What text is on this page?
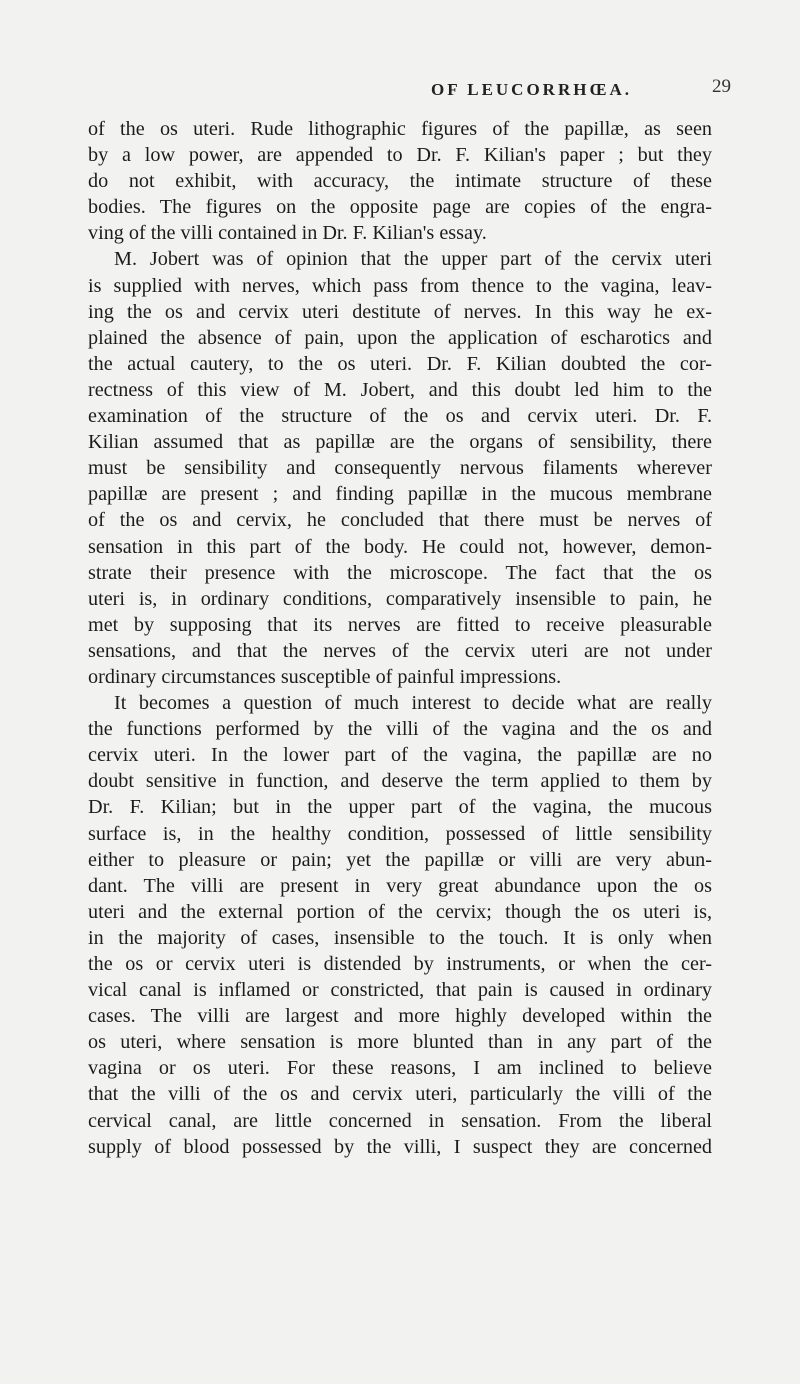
OF LEUCORRHŒA.	29
of the os uteri. Rude lithographic figures of the papillæ, as seen
by a low power, are appended to Dr. F. Kilian's paper ; but they
do not exhibit, with accuracy, the intimate structure of these
bodies. The figures on the opposite page are copies of the engra-
ving of the villi contained in Dr. F. Kilian's essay.
M. Jobert was of opinion that the upper part of the cervix uteri
is supplied with nerves, which pass from thence to the vagina, leav-
ing the os and cervix uteri destitute of nerves. In this way he ex-
plained the absence of pain, upon the application of escharotics and
the actual cautery, to the os uteri. Dr. F. Kilian doubted the cor-
rectness of this view of M. Jobert, and this doubt led him to the
examination of the structure of the os and cervix uteri. Dr. F.
Kilian assumed that as papillæ are the organs of sensibility, there
must be sensibility and consequently nervous filaments wherever
papillæ are present ; and finding papillæ in the mucous membrane
of the os and cervix, he concluded that there must be nerves of
sensation in this part of the body. He could not, however, demon-
strate their presence with the microscope. The fact that the os
uteri is, in ordinary conditions, comparatively insensible to pain, he
met by supposing that its nerves are fitted to receive pleasurable
sensations, and that the nerves of the cervix uteri are not under
ordinary circumstances susceptible of painful impressions.
It becomes a question of much interest to decide what are really
the functions performed by the villi of the vagina and the os and
cervix uteri. In the lower part of the vagina, the papillæ are no
doubt sensitive in function, and deserve the term applied to them by
Dr. F. Kilian; but in the upper part of the vagina, the mucous
surface is, in the healthy condition, possessed of little sensibility
either to pleasure or pain; yet the papillæ or villi are very abun-
dant. The villi are present in very great abundance upon the os
uteri and the external portion of the cervix; though the os uteri is,
in the majority of cases, insensible to the touch. It is only when
the os or cervix uteri is distended by instruments, or when the cer-
vical canal is inflamed or constricted, that pain is caused in ordinary
cases. The villi are largest and more highly developed within the
os uteri, where sensation is more blunted than in any part of the
vagina or os uteri. For these reasons, I am inclined to believe
that the villi of the os and cervix uteri, particularly the villi of the
cervical canal, are little concerned in sensation. From the liberal
supply of blood possessed by the villi, I suspect they are concerned
